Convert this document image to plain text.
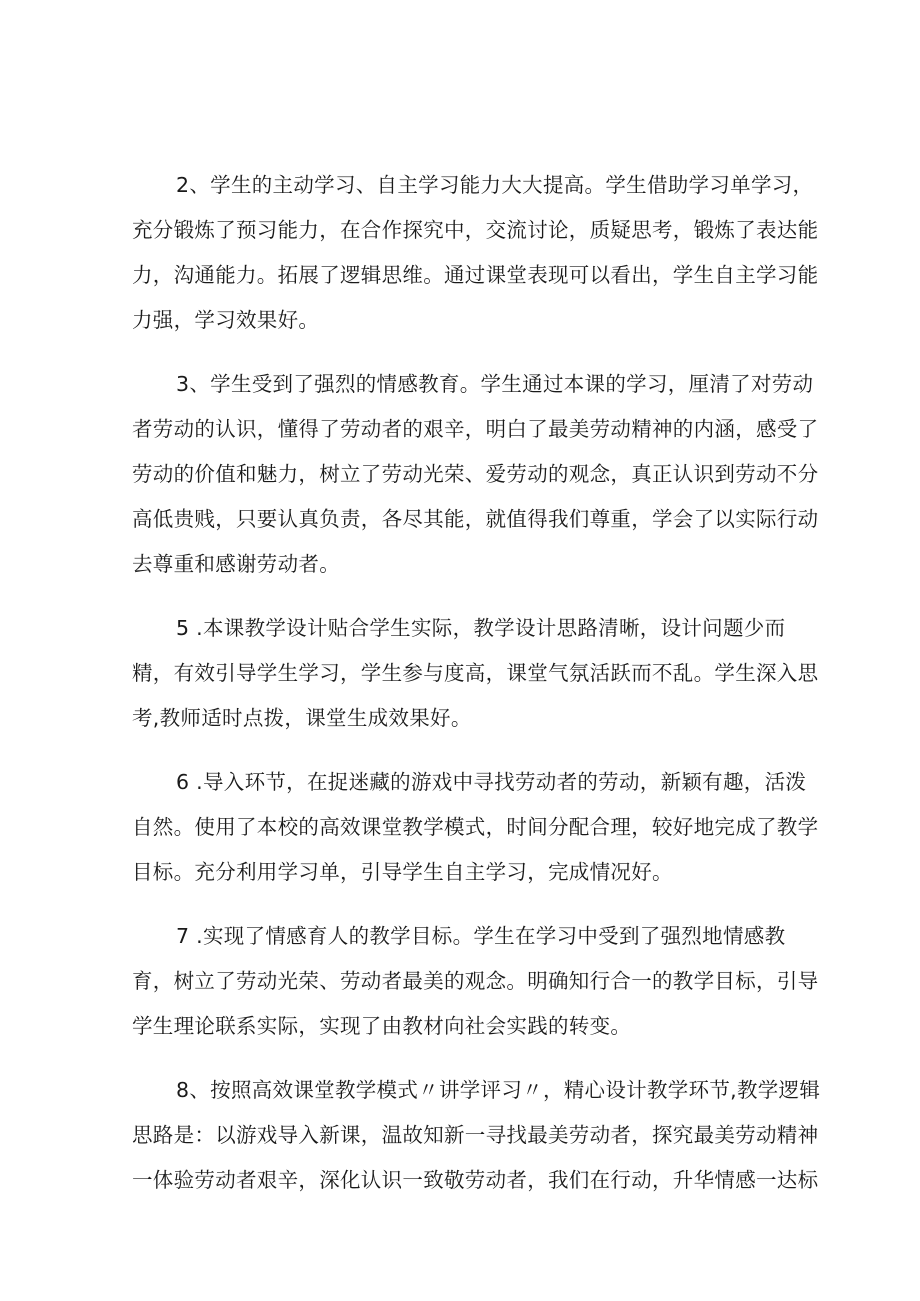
2、学生的主动学习、自主学习能力大大提高。学生借助学习单学习，
充分锻炼了预习能力，在合作探究中，交流讨论，质疑思考，锻炼了表达能
力，沟通能力。拓展了逻辑思维。通过课堂表现可以看出，学生自主学习能
力强，学习效果好。

3、学生受到了强烈的情感教育。学生通过本课的学习，厘清了对劳动
者劳动的认识，懂得了劳动者的艰辛，明白了最美劳动精神的内涵，感受了
劳动的价值和魅力，树立了劳动光荣、爱劳动的观念，真正认识到劳动不分
高低贵贱，只要认真负责，各尽其能，就值得我们尊重，学会了以实际行动
去尊重和感谢劳动者。

5 .本课教学设计贴合学生实际，教学设计思路清晰，设计问题少而
精，有效引导学生学习，学生参与度高，课堂气氛活跃而不乱。学生深入思
考,教师适时点拨，课堂生成效果好。

6 .导入环节，在捉迷藏的游戏中寻找劳动者的劳动，新颖有趣，活泼
自然。使用了本校的高效课堂教学模式，时间分配合理，较好地完成了教学
目标。充分利用学习单，引导学生自主学习，完成情况好。

7 .实现了情感育人的教学目标。学生在学习中受到了强烈地情感教
育，树立了劳动光荣、劳动者最美的观念。明确知行合一的教学目标，引导
学生理论联系实际，实现了由教材向社会实践的转变。

8、按照高效课堂教学模式〃讲学评习〃，精心设计教学环节,教学逻辑
思路是：以游戏导入新课，温故知新一寻找最美劳动者，探究最美劳动精神
一体验劳动者艰辛，深化认识一致敬劳动者，我们在行动，升华情感一达标
